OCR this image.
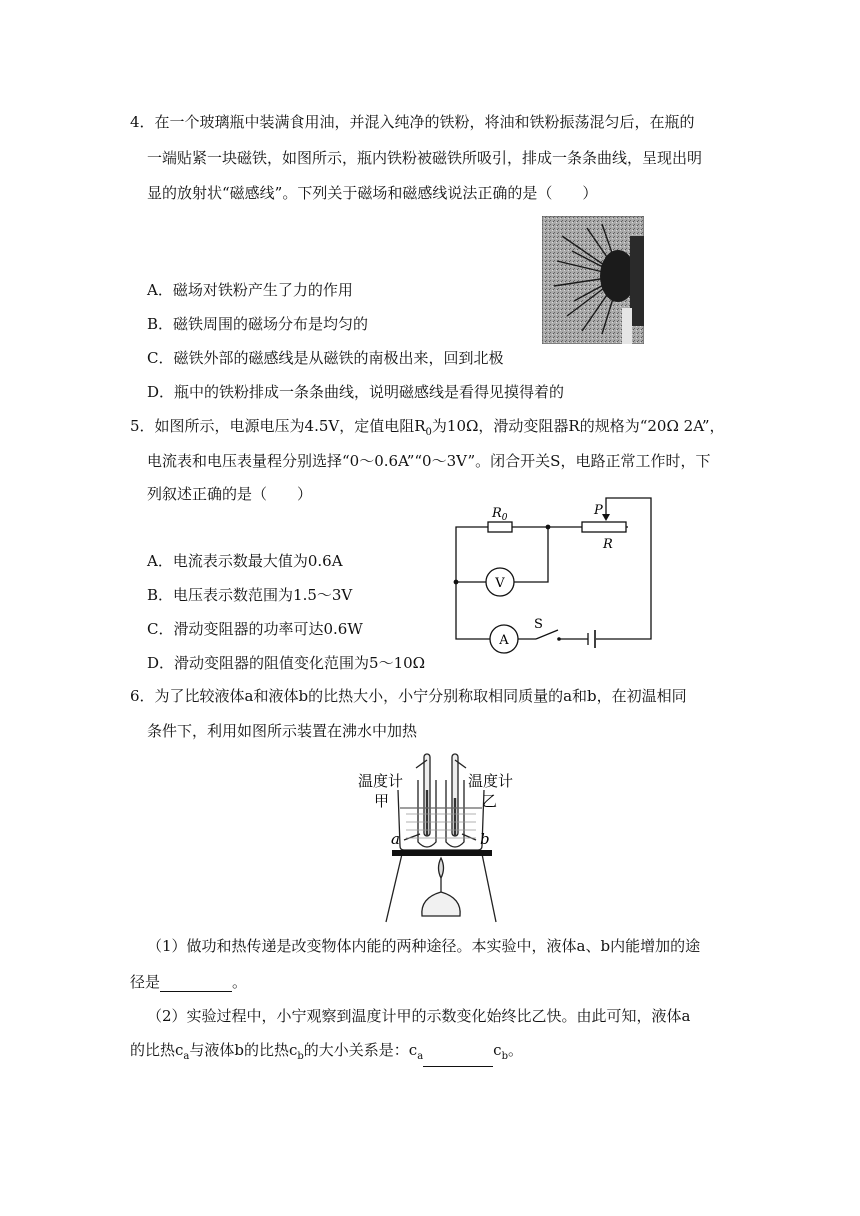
4．在一个玻璃瓶中装满食用油，并混入纯净的铁粉，将油和铁粉振荡混匀后，在瓶的
一端贴紧一块磁铁，如图所示，瓶内铁粉被磁铁所吸引，排成一条条曲线，呈现出明
显的放射状“磁感线”。下列关于磁场和磁感线说法正确的是（　　）
A．磁场对铁粉产生了力的作用
B．磁铁周围的磁场分布是均匀的
C．磁铁外部的磁感线是从磁铁的南极出来，回到北极
D．瓶中的铁粉排成一条条曲线，说明磁感线是看得见摸得着的
5．如图所示，电源电压为4.5V，定值电阻$R_0$为10Ω，滑动变阻器R的规格为“20Ω 2A”，
电流表和电压表量程分别选择“0～0.6A”“0～3V”。闭合开关S，电路正常工作时，下
列叙述正确的是（　　）
$R_0$	P
R
V
A
S
A．电流表示数最大值为0.6A
B．电压表示数范围为1.5～3V
C．滑动变阻器的功率可达0.6W
D．滑动变阻器的阻值变化范围为5～10Ω
6．为了比较液体a和液体b的比热大小，小宁分别称取相同质量的a和b，在初温相同
条件下，利用如图所示装置在沸水中加热
温度计
甲
温度计
乙
a	b
（1）做功和热传递是改变物体内能的两种途径。本实验中，液体a、b内能增加的途
径是	。
（2）实验过程中，小宁观察到温度计甲的示数变化始终比乙快。由此可知，液体a
的比热$c_a$与液体b的比热$c_b$的大小关系是：$c_a$	$c_b$。
